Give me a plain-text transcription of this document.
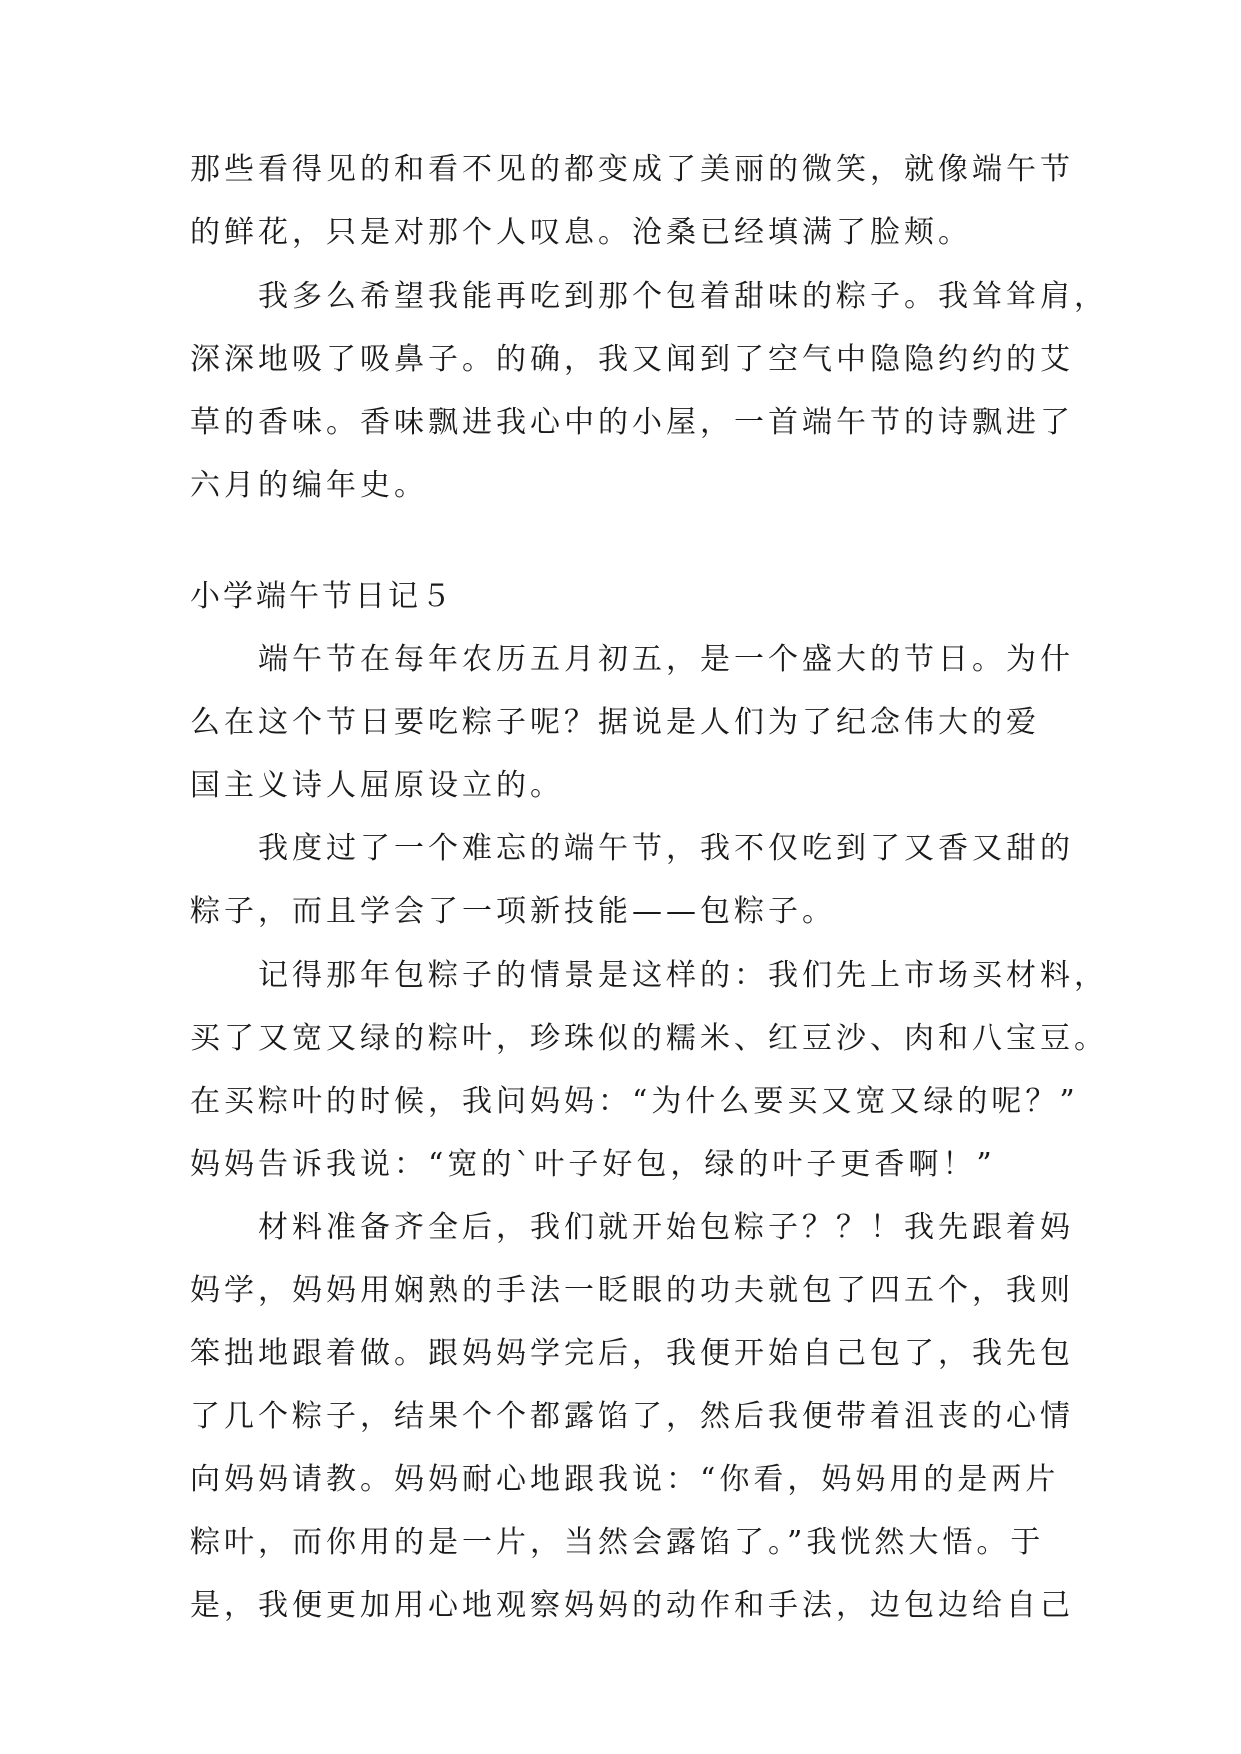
那些看得见的和看不见的都变成了美丽的微笑，就像端午节
的鲜花，只是对那个人叹息。沧桑已经填满了脸颊。
我多么希望我能再吃到那个包着甜味的粽子。我耸耸肩，
深深地吸了吸鼻子。的确，我又闻到了空气中隐隐约约的艾
草的香味。香味飘进我心中的小屋，一首端午节的诗飘进了
六月的编年史。
小学端午节日记５
端午节在每年农历五月初五，是一个盛大的节日。为什
么在这个节日要吃粽子呢？据说是人们为了纪念伟大的爱
国主义诗人屈原设立的。
我度过了一个难忘的端午节，我不仅吃到了又香又甜的
粽子，而且学会了一项新技能——包粽子。
记得那年包粽子的情景是这样的：我们先上市场买材料，
买了又宽又绿的粽叶，珍珠似的糯米、红豆沙、肉和八宝豆。
在买粽叶的时候，我问妈妈：“为什么要买又宽又绿的呢？”
妈妈告诉我说：“宽的`叶子好包，绿的叶子更香啊！”
材料准备齐全后，我们就开始包粽子？？！我先跟着妈
妈学，妈妈用娴熟的手法一眨眼的功夫就包了四五个，我则
笨拙地跟着做。跟妈妈学完后，我便开始自己包了，我先包
了几个粽子，结果个个都露馅了，然后我便带着沮丧的心情
向妈妈请教。妈妈耐心地跟我说：“你看，妈妈用的是两片
粽叶，而你用的是一片，当然会露馅了。”我恍然大悟。于
是，我便更加用心地观察妈妈的动作和手法，边包边给自己
